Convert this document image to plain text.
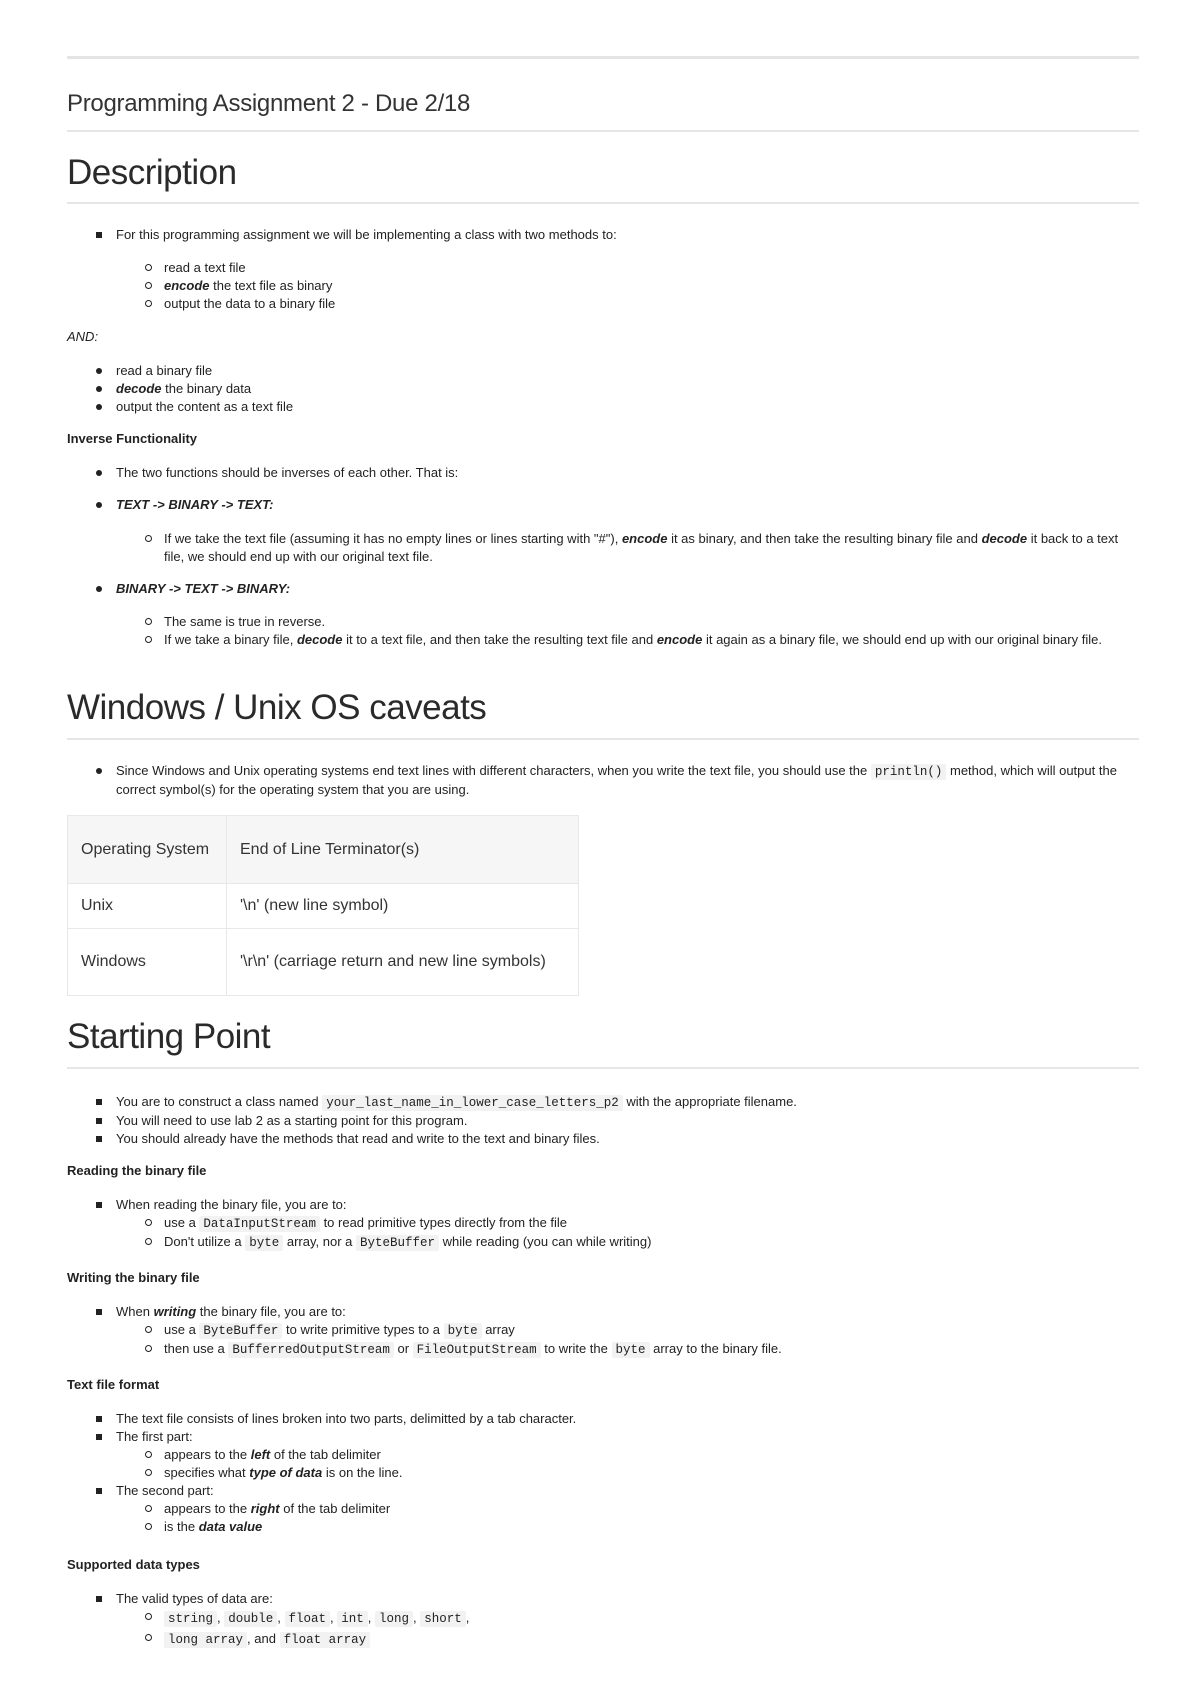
Programming Assignment 2 - Due 2/18
Description
For this programming assignment we will be implementing a class with two methods to:
read a text file
encode the text file as binary
output the data to a binary file
AND:
read a binary file
decode the binary data
output the content as a text file
Inverse Functionality
The two functions should be inverses of each other. That is:
TEXT -> BINARY -> TEXT:
If we take the text file (assuming it has no empty lines or lines starting with "#"), encode it as binary, and then take the resulting binary file and decode it back to a text file, we should end up with our original text file.
BINARY -> TEXT -> BINARY:
The same is true in reverse.
If we take a binary file, decode it to a text file, and then take the resulting text file and encode it again as a binary file, we should end up with our original binary file.
Windows / Unix OS caveats
Since Windows and Unix operating systems end text lines with different characters, when you write the text file, you should use the println() method, which will output the correct symbol(s) for the operating system that you are using.
Operating System	End of Line Terminator(s)
Unix	'\n' (new line symbol)
Windows	'\r\n' (carriage return and new line symbols)
Starting Point
You are to construct a class named your_last_name_in_lower_case_letters_p2 with the appropriate filename.
You will need to use lab 2 as a starting point for this program.
You should already have the methods that read and write to the text and binary files.
Reading the binary file
When reading the binary file, you are to:
use a DataInputStream to read primitive types directly from the file
Don't utilize a byte array, nor a ByteBuffer while reading (you can while writing)
Writing the binary file
When writing the binary file, you are to:
use a ByteBuffer to write primitive types to a byte array
then use a BufferredOutputStream or FileOutputStream to write the byte array to the binary file.
Text file format
The text file consists of lines broken into two parts, delimitted by a tab character.
The first part:
appears to the left of the tab delimiter
specifies what type of data is on the line.
The second part:
appears to the right of the tab delimiter
is the data value
Supported data types
The valid types of data are:
string , double , float , int , long , short ,
long array , and float array
